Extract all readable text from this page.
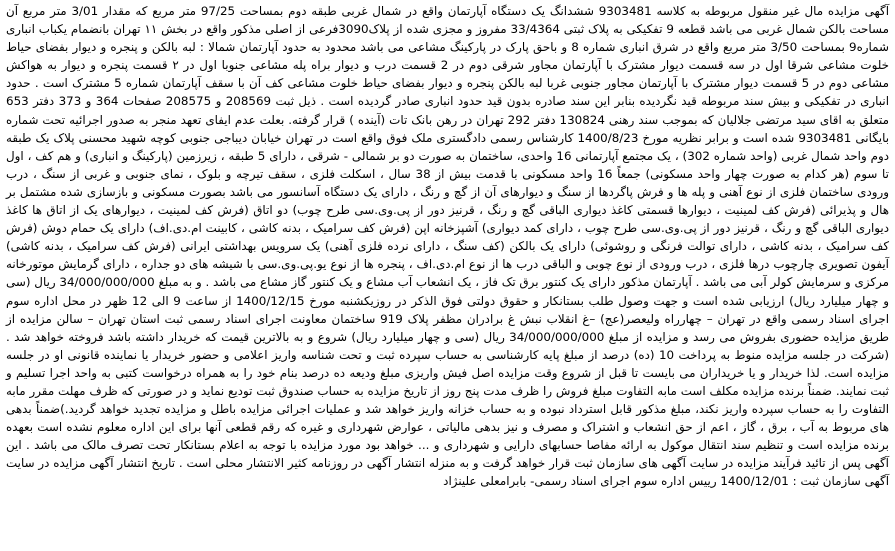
آگهی مزایده مال غیر منقول مربوطه به کلاسه 9303481 ششدانگ یک دستگاه آپارتمان واقع در شمال غربی طبقه دوم بمساحت 97/25 متر مربع که مقدار 3/01 متر مربع آن مساحت بالکن شمال غربی می باشد قطعه 9 تفکیکی به پلاک ثبتی 33/4364 مفروز و مجزی شده از پلاک3090فرعی از اصلی مذکور واقع در بخش ۱۱ تهران بانضمام یکباب انباری شماره9 بمساحت 3/50 متر مربع واقع در شرق انباری شماره 8 و باحق پارک در پارکینگ مشاعی می باشد محدود به حدود آپارتمان شمالا : لبه بالکن و پنجره و دیوار بفضای حیاط خلوت مشاعی شرقا اول در سه قسمت دیوار مشترک با آپارتمان مجاور شرقی دوم در 2 قسمت درب و دیوار براه پله مشاعی جنوبا اول در ۲ قسمت پنجره و دیوار به هواکش مشاعی دوم در 5 قسمت دیوار مشترک با آپارتمان مجاور جنوبی غربا لبه بالکن پنجره و دیوار بفضای حیاط خلوت مشاعی کف آن با سقف آپارتمان شماره 5 مشترک است . حدود انباری در تفکیکی و بیش سند مربوطه قید نگردیده بنابر این سند صادره بدون قید حدود انباری صادر گردیده است . ذیل ثبت 208569 و 208575 صفحات 364 و 373 دفتر 653 متعلق به اقای سید مرتضی جلالیان که بموجب سند رهنی 130824 دفتر 292 تهران در رهن بانک تات (آینده ) قرار گرفته. بعلت عدم ایفای تعهد منجر به صدور اجرائیه تحت شماره بایگانی 9303481 شده است و برابر نظریه مورخ 1400/8/23 کارشناس رسمی دادگستری ملک فوق واقع است در تهران خیابان دیباجی جنوبی کوچه شهید محسنی پلاک یک طبقه دوم واحد شمال غربی (واحد شماره 302) ، یک مجتمع آپارتمانی 16 واحدی، ساختمان به صورت دو بر شمالی - شرقی ، دارای 5 طبقه ، زیرزمین (پارکینگ و انباری) و هم کف ، اول تا سوم (هر کدام به صورت چهار واحد مسکونی) جمعاً 16 واحد مسکونی با قدمت بیش از 38 سال ، اسکلت فلزی ، سقف تیرچه و بلوک ، نمای جنوبی و غربی از سنگ ، درب ورودی ساختمان فلزی از نوع آهنی و پله ها و فرش پاگردها از سنگ و دیوارهای آن از گچ و رنگ ، دارای یک دستگاه آسانسور می باشد بصورت مسکونی و بازسازی شده مشتمل بر هال و پذیرائی (فرش کف لمینیت ، دیوارها قسمتی کاغذ دیواری الباقی گچ و رنگ ، قرنیز دور از پی.وی.سی طرح چوب) دو اتاق (فرش کف لمینیت ، دیوارهای یک از اتاق ها کاغذ دیواری الباقی گچ و رنگ ، قرنیز دور از پی.وی.سی طرح چوب ، دارای کمد دیواری) آشپزخانه اپن (فرش کف سرامیک ، بدنه کاشی ، کابینت ام.دی.اف) دارای یک حمام دوش (فرش کف سرامیک ، بدنه کاشی ، دارای توالت فرنگی و روشوئی) دارای یک بالکن (کف سنگ ، دارای نرده فلزی آهنی) یک سرویس بهداشتی ایرانی (فرش کف سرامیک ، بدنه کاشی) آیفون تصویری چارچوب درها فلزی ، درب ورودی از نوع چوبی و الباقی درب ها از نوع ام.دی.اف ، پنجره ها از نوع یو.پی.وی.سی با شیشه های دو جداره ، دارای گرمایش موتورخانه مرکزی و سرمایش کولر آبی می باشد . آپارتمان مذکور دارای یک کنتور برق تک فاز ، یک انشعاب آب مشاع و یک کنتور گاز مشاع می باشد . و به مبلغ 34/000/000/000 ریال (سی و چهار میلیارد ریال) ارزیابی شده است و جهت وصول طلب بستانکار و حقوق دولتی فوق الذکر در روزیکشنبه مورخ 1400/12/15 از ساعت 9 الی 12 ظهر در محل اداره سوم اجرای اسناد رسمی واقع در تهران – چهارراه ولیعصر(عج) –غ انقلاب نبش غ برادران مظفر پلاک 919 ساختمان معاونت اجرای اسناد رسمی ثبت استان تهران – سالن مزایده از طریق مزایده حضوری بفروش می رسد و مزایده از مبلغ 34/000/000/000 ریال (سی و چهار میلیارد ریال) شروع و به بالاترین قیمت که خریدار داشته باشد فروخته خواهد شد . (شرکت در جلسه مزایده منوط به پرداخت 10 (ده) درصد از مبلغ پایه کارشناسی به حساب سپرده ثبت و تحت شناسه واریز اعلامی و حضور خریدار یا نماینده قانونی او در جلسه مزایده است. لذا خریدار و یا خریداران می بایست تا قبل از شروع وقت مزایده اصل فیش واریزی مبلغ ودیعه ده درصد بنام خود را به همراه درخواست کتبی به واحد اجرا تسلیم و ثبت نمایند. ضمناً برنده مزایده مکلف است مابه التفاوت مبلغ فروش را ظرف مدت پنج روز از تاریخ مزایده به حساب صندوق ثبت تودیع نماید و در صورتی که ظرف مهلت مقرر مابه التفاوت را به حساب سپرده واریز نکند، مبلغ مذکور قابل استرداد نبوده و به حساب خزانه واریز خواهد شد و عملیات اجرائی مزایده باطل و مزایده تجدید خواهد گردید.)ضمناً بدهی های مربوط به آب ، برق ، گاز ، اعم از حق انشعاب و اشتراک و مصرف و نیز بدهی مالیاتی ، عوارض شهرداری و غیره که رقم قطعی آنها برای این اداره معلوم نشده است بعهده برنده مزایده است و تنظیم سند انتقال موکول به ارائه مفاصا حسابهای دارایی و شهرداری و ... خواهد بود مورد مزایده با توجه به اعلام بستانکار تحت تصرف مالک می باشد . این آگهی پس از تائید فرآیند مزایده در سایت آگهی های سازمان ثبت قرار خواهد گرفت و به منزله انتشار آگهی در روزنامه کثیر الانتشار محلی است . تاریخ انتشار آگهی مزایده در سایت آگهی سازمان ثبت : 1400/12/01 رییس اداره سوم اجرای اسناد رسمی- بابرامعلی علینژاد
